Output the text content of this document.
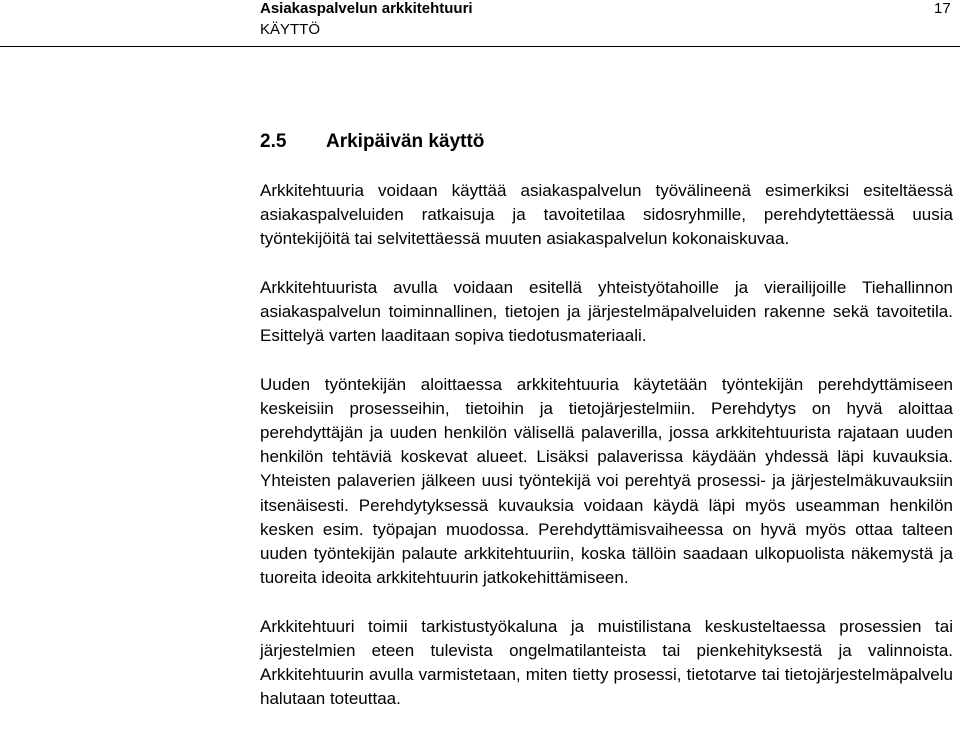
Asiakaspalvelun arkkitehtuuri
KÄYTTÖ
17
2.5 Arkipäivän käyttö

Arkkitehtuuria voidaan käyttää asiakaspalvelun työvälineenä esimerkiksi esiteltäessä asiakaspalveluiden ratkaisuja ja tavoitetilaa sidosryhmille, perehdytettäessä uusia työntekijöitä tai selvitettäessä muuten asiakaspalvelun kokonaiskuvaa.

Arkkitehtuurista avulla voidaan esitellä yhteistyötahoille ja vierailijoille Tiehallinnon asiakaspalvelun toiminnallinen, tietojen ja järjestelmäpalveluiden rakenne sekä tavoitetila. Esittelyä varten laaditaan sopiva tiedotusmateriaali.

Uuden työntekijän aloittaessa arkkitehtuuria käytetään työntekijän perehdyttämiseen keskeisiin prosesseihin, tietoihin ja tietojärjestelmiin. Perehdytys on hyvä aloittaa perehdyttäjän ja uuden henkilön välisellä palaverilla, jossa arkkitehtuurista rajataan uuden henkilön tehtäviä koskevat alueet. Lisäksi palaverissa käydään yhdessä läpi kuvauksia. Yhteisten palaverien jälkeen uusi työntekijä voi perehtyä prosessi- ja järjestelmäkuvauksiin itsenäisesti. Perehdytyksessä kuvauksia voidaan käydä läpi myös useamman henkilön kesken esim. työpajan muodossa. Perehdyttämisvaiheessa on hyvä myös ottaa talteen uuden työntekijän palaute arkkitehtuuriin, koska tällöin saadaan ulkopuolista näkemystä ja tuoreita ideoita arkkitehtuurin jatkokehittämiseen.

Arkkitehtuuri toimii tarkistustyökaluna ja muistilistana keskusteltaessa prosessien tai järjestelmien eteen tulevista ongelmatilanteista tai pienkehityksestä ja valinnoista. Arkkitehtuurin avulla varmistetaan, miten tietty prosessi, tietotarve tai tietojärjestelmäpalvelu halutaan toteuttaa.
